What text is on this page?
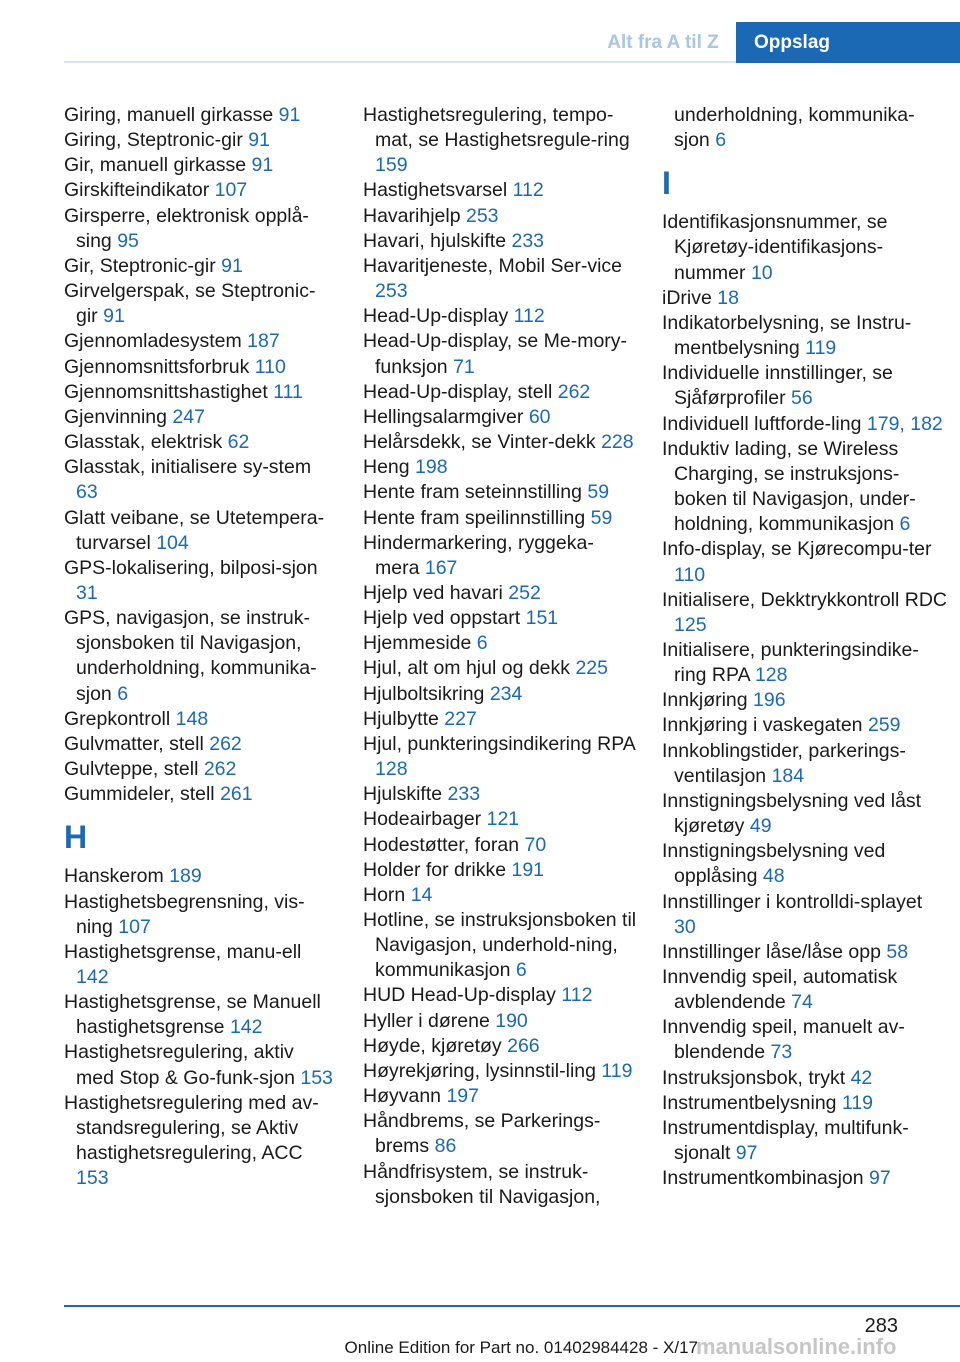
Alt fra A til Z	Oppslag
Giring, manuell girkasse 91
Giring, Steptronic-gir 91
Gir, manuell girkasse 91
Girskifteindikator 107
Girsperre, elektronisk opplå‐sing 95
Gir, Steptronic-gir 91
Girvelgerspak, se Steptronic-gir 91
Gjennomladesystem 187
Gjennomsnittsforbruk 110
Gjennomsnittshastighet 111
Gjenvinning 247
Glasstak, elektrisk 62
Glasstak, initialisere sy‐stem 63
Glatt veibane, se Utetempera‐turvarsel 104
GPS-lokalisering, bilposi‐sjon 31
GPS, navigasjon, se instruk‐sjonsboken til Navigasjon, underholdning, kommunika‐sjon 6
Grepkontroll 148
Gulvmatter, stell 262
Gulvteppe, stell 262
Gummideler, stell 261
H
Hanskerom 189
Hastighetsbegrensning, vis‐ning 107
Hastighetsgrense, manu‐ell 142
Hastighetsgrense, se Manuell hastighetsgrense 142
Hastighetsregulering, aktiv med Stop & Go-funk‐sjon 153
Hastighetsregulering med av‐standsregulering, se Aktiv hastighetsregulering, ACC 153
Hastighetsregulering, tempo‐mat, se Hastighetsregule‐ring 159
Hastighetsvarsel 112
Havarihjelp 253
Havari, hjulskifte 233
Havaritjeneste, Mobil Ser‐vice 253
Head-Up-display 112
Head-Up-display, se Me‐mory-funksjon 71
Head-Up-display, stell 262
Hellingsalarmgiver 60
Helårsdekk, se Vinter‐dekk 228
Heng 198
Hente fram seteinnstilling 59
Hente fram speilinnstilling 59
Hindermarkering, ryggeka‐mera 167
Hjelp ved havari 252
Hjelp ved oppstart 151
Hjemmeside 6
Hjul, alt om hjul og dekk 225
Hjulboltsikring 234
Hjulbytte 227
Hjul, punkteringsindikering RPA 128
Hjulskifte 233
Hodeairbager 121
Hodestøtter, foran 70
Holder for drikke 191
Horn 14
Hotline, se instruksjonsboken til Navigasjon, underhold‐ning, kommunikasjon 6
HUD Head-Up-display 112
Hyller i dørene 190
Høyde, kjøretøy 266
Høyrekjøring, lysinnstil‐ling 119
Høyvann 197
Håndbrems, se Parkerings‐brems 86
Håndfrisystem, se instruk‐sjonsboken til Navigasjon,
underholdning, kommunika‐sjon 6
I
Identifikasjonsnummer, se Kjøretøy-identifikasjons‐nummer 10
iDrive 18
Indikatorbelysning, se Instru‐mentbelysning 119
Individuelle innstillinger, se Sjåførprofiler 56
Individuell luftforde‐ling 179, 182
Induktiv lading, se Wireless Charging, se instruksjons‐boken til Navigasjon, under‐holdning, kommunikasjon 6
Info-display, se Kjørecompu‐ter 110
Initialisere, Dekktrykkontroll RDC 125
Initialisere, punkteringsindike‐ring RPA 128
Innkjøring 196
Innkjøring i vaskegaten 259
Innkoblingstider, parkerings‐ventilasjon 184
Innstigningsbelysning ved låst kjøretøy 49
Innstigningsbelysning ved opplåsing 48
Innstillinger i kontrolldi‐splayet 30
Innstillinger låse/låse opp 58
Innvendig speil, automatisk avblendende 74
Innvendig speil, manuelt av‐blendende 73
Instruksjonsbok, trykt 42
Instrumentbelysning 119
Instrumentdisplay, multifunk‐sjonalt 97
Instrumentkombinasjon 97
283
manualsonline.info
Online Edition for Part no. 01402984428 - X/17
